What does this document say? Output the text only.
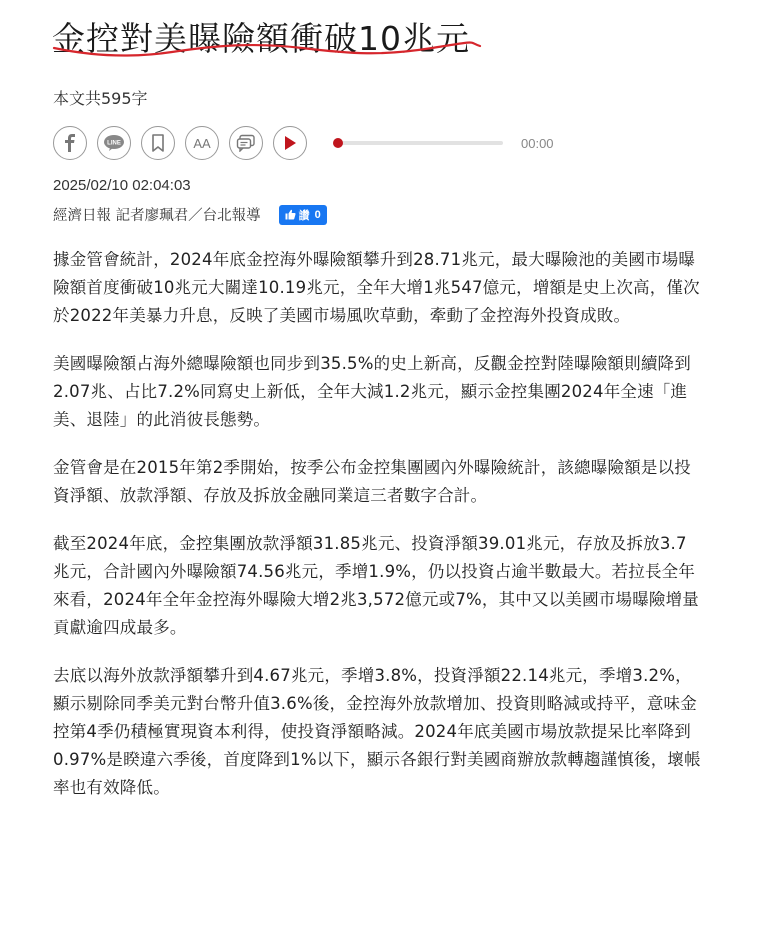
金控對美曝險額衝破10兆元
本文共595字
LINE	AA	00:00
2025/02/10 02:04:03
經濟日報 記者廖珮君／台北報導	讚 0

據金管會統計，2024年底金控海外曝險額攀升到28.71兆元，最大曝險池的美國市場曝險額首度衝破10兆元大關達10.19兆元，全年大增1兆547億元，增額是史上次高，僅次於2022年美暴力升息，反映了美國市場風吹草動，牽動了金控海外投資成敗。

美國曝險額占海外總曝險額也同步到35.5%的史上新高，反觀金控對陸曝險額則續降到2.07兆、占比7.2%同寫史上新低，全年大減1.2兆元，顯示金控集團2024年全速「進美、退陸」的此消彼長態勢。

金管會是在2015年第2季開始，按季公布金控集團國內外曝險統計，該總曝險額是以投資淨額、放款淨額、存放及拆放金融同業這三者數字合計。

截至2024年底，金控集團放款淨額31.85兆元、投資淨額39.01兆元，存放及拆放3.7兆元，合計國內外曝險額74.56兆元，季增1.9%，仍以投資占逾半數最大。若拉長全年來看，2024年全年金控海外曝險大增2兆3,572億元或7%，其中又以美國市場曝險增量貢獻逾四成最多。

去底以海外放款淨額攀升到4.67兆元，季增3.8%，投資淨額22.14兆元，季增3.2%，顯示剔除同季美元對台幣升值3.6%後，金控海外放款增加、投資則略減或持平，意味金控第4季仍積極實現資本利得，使投資淨額略減。2024年底美國市場放款提呆比率降到0.97%是睽違六季後，首度降到1%以下，顯示各銀行對美國商辦放款轉趨謹慎後，壞帳率也有效降低。
